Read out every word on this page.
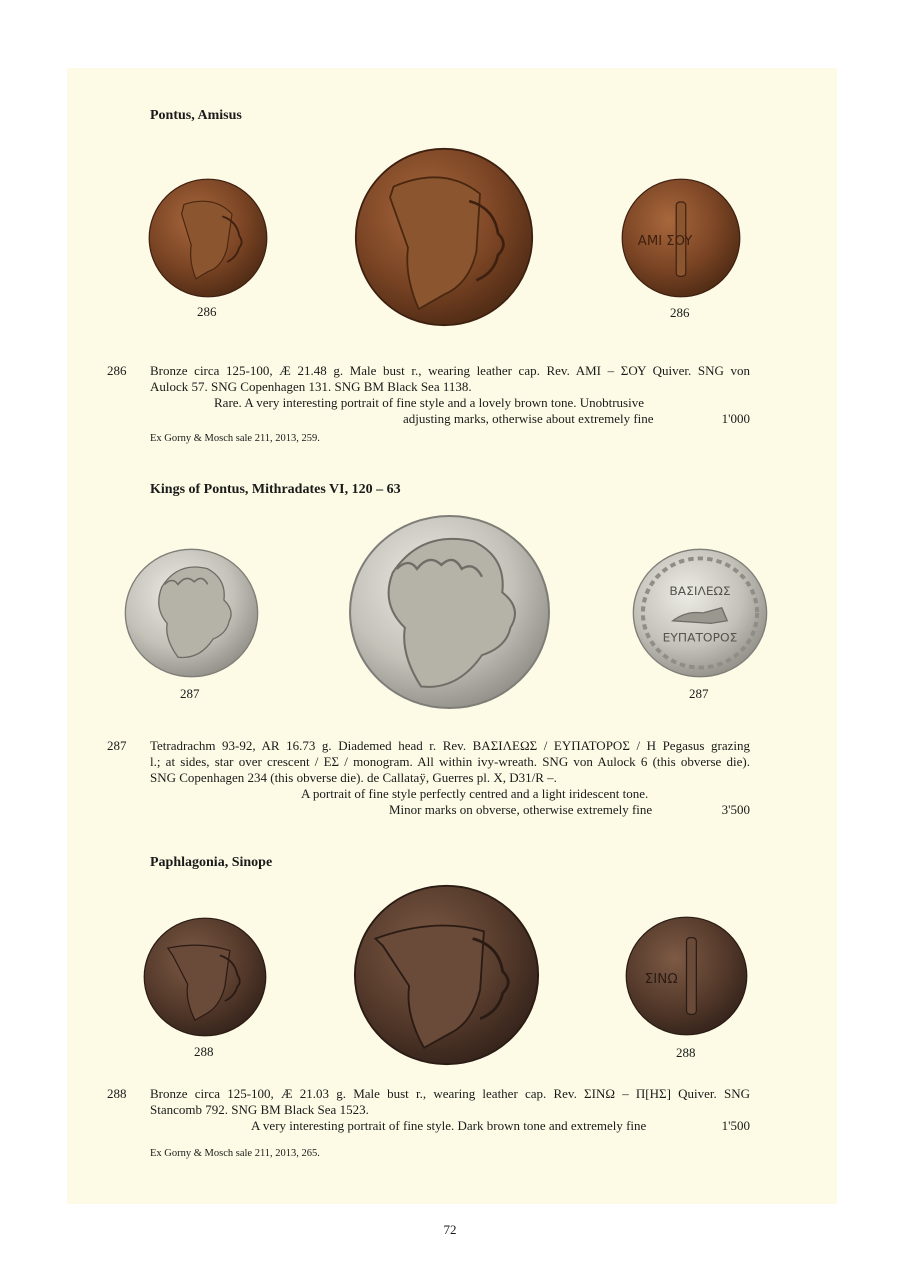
Pontus, Amisus
AMI ΣOY
286	286
286 Bronze circa 125-100, Æ 21.48 g. Male bust r., wearing leather cap. Rev. AMI – ΣΟΥ Quiver. SNG von
Aulock 57. SNG Copenhagen 131. SNG BM Black Sea 1138.
Rare. A very interesting portrait of fine style and a lovely brown tone. Unobtrusive
adjusting marks, otherwise about extremely fine	1'000
Ex Gorny & Mosch sale 211, 2013, 259.
Kings of Pontus, Mithradates VI, 120 – 63
ΒΑΣΙΛΕΩΣ
ΕΥΠΑΤΟΡΟΣ
287	287
287 Tetradrachm 93-92, AR 16.73 g. Diademed head r. Rev. ΒΑΣΙΛΕΩΣ / ΕΥΠΑΤΟΡΟΣ / H Pegasus grazing
l.; at sides, star over crescent / ΕΣ / monogram. All within ivy-wreath. SNG von Aulock 6 (this obverse die).
SNG Copenhagen 234 (this obverse die). de Callataÿ, Guerres pl. X, D31/R –.
A portrait of fine style perfectly centred and a light iridescent tone.
Minor marks on obverse, otherwise extremely fine	3'500
Paphlagonia, Sinope
ΣΙΝΩ
288	288
288 Bronze circa 125-100, Æ 21.03 g. Male bust r., wearing leather cap. Rev. ΣΙΝΩ – Π[ΗΣ] Quiver. SNG
Stancomb 792. SNG BM Black Sea 1523.
A very interesting portrait of fine style. Dark brown tone and extremely fine	1'500
Ex Gorny & Mosch sale 211, 2013, 265.
72
